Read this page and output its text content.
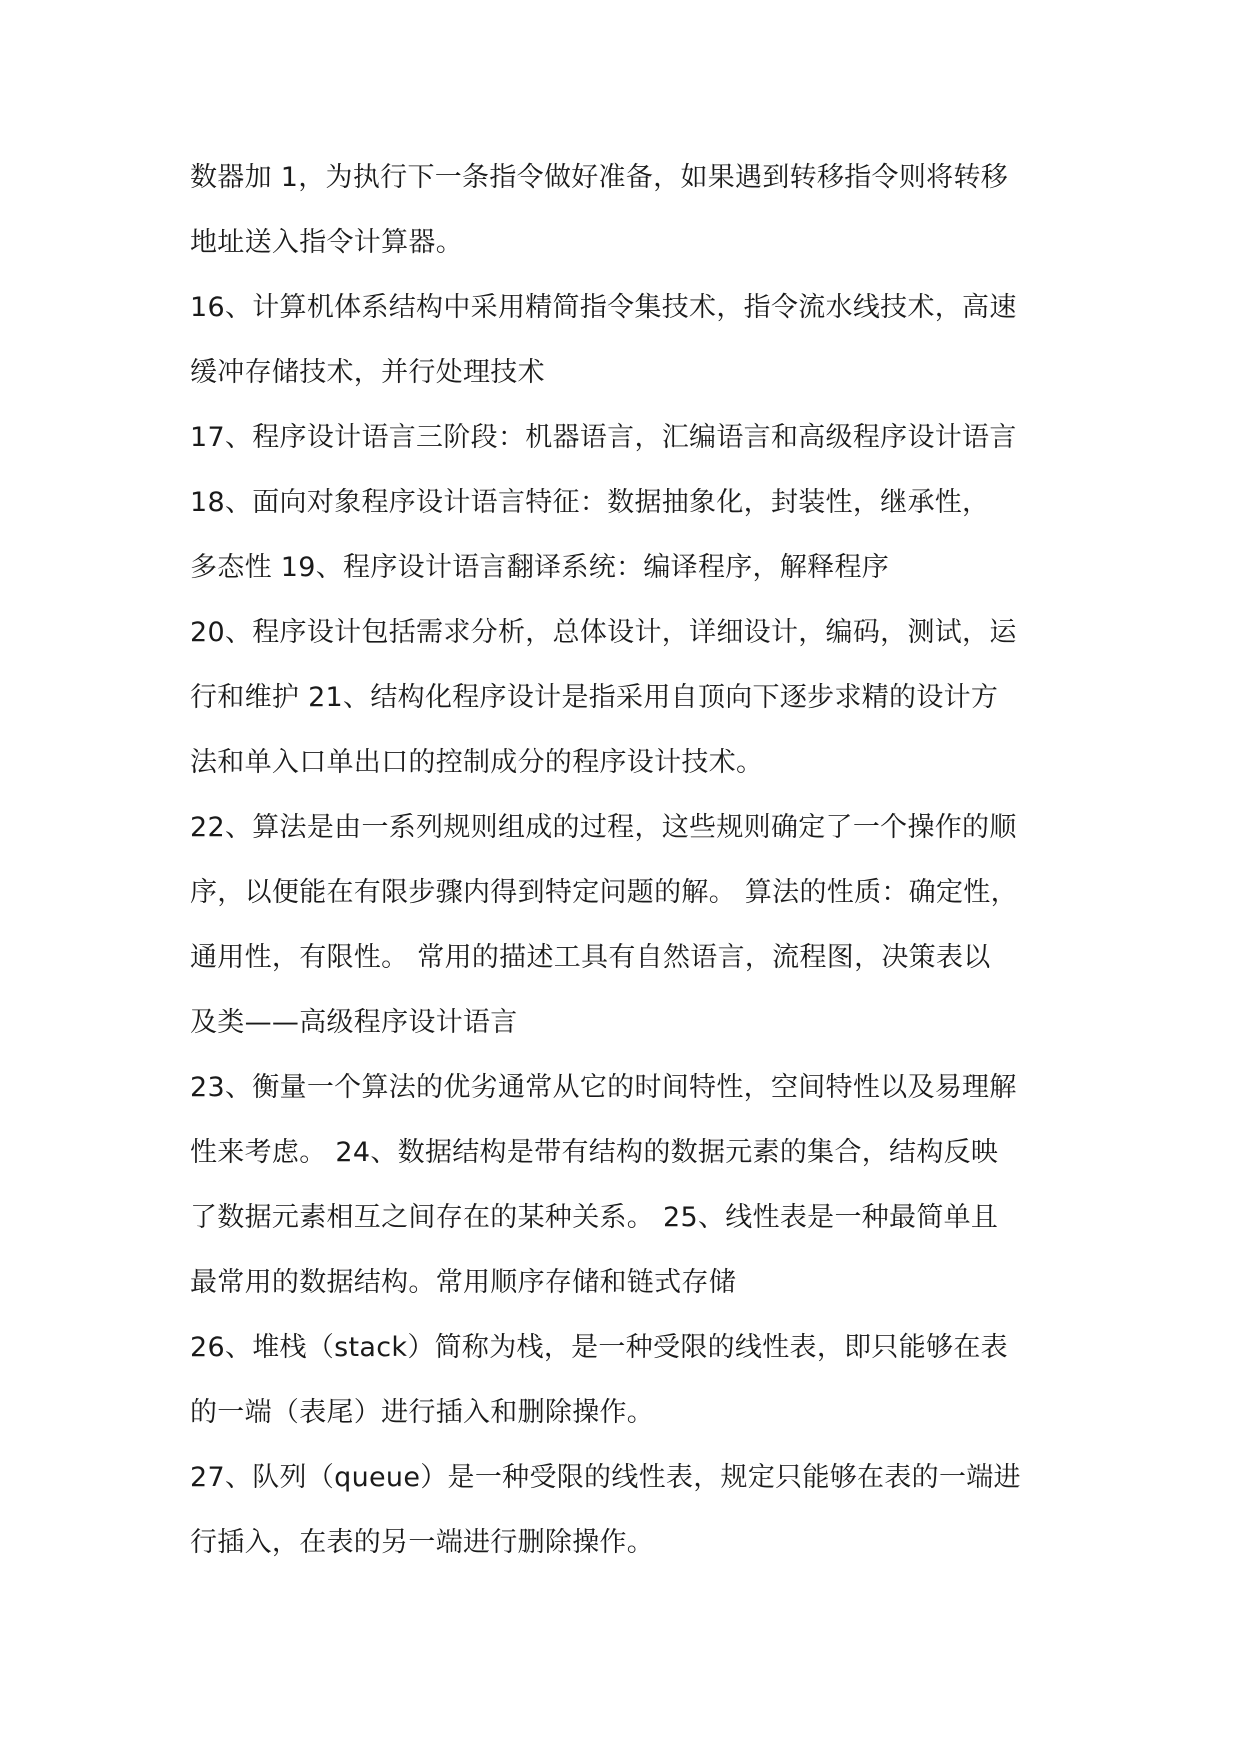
数器加 1，为执行下一条指令做好准备，如果遇到转移指令则将转移
地址送入指令计算器。
16、计算机体系结构中采用精简指令集技术，指令流水线技术，高速
缓冲存储技术，并行处理技术
17、程序设计语言三阶段：机器语言，汇编语言和高级程序设计语言
18、面向对象程序设计语言特征：数据抽象化，封装性，继承性，
多态性 19、程序设计语言翻译系统：编译程序，解释程序
20、程序设计包括需求分析，总体设计，详细设计，编码，测试，运
行和维护 21、结构化程序设计是指采用自顶向下逐步求精的设计方
法和单入口单出口的控制成分的程序设计技术。
22、算法是由一系列规则组成的过程，这些规则确定了一个操作的顺
序，以便能在有限步骤内得到特定问题的解。 算法的性质：确定性，
通用性，有限性。 常用的描述工具有自然语言，流程图，决策表以
及类——高级程序设计语言
23、衡量一个算法的优劣通常从它的时间特性，空间特性以及易理解
性来考虑。 24、数据结构是带有结构的数据元素的集合，结构反映
了数据元素相互之间存在的某种关系。 25、线性表是一种最简单且
最常用的数据结构。常用顺序存储和链式存储
26、堆栈（stack）简称为栈，是一种受限的线性表，即只能够在表
的一端（表尾）进行插入和删除操作。
27、队列（queue）是一种受限的线性表，规定只能够在表的一端进
行插入，在表的另一端进行删除操作。
